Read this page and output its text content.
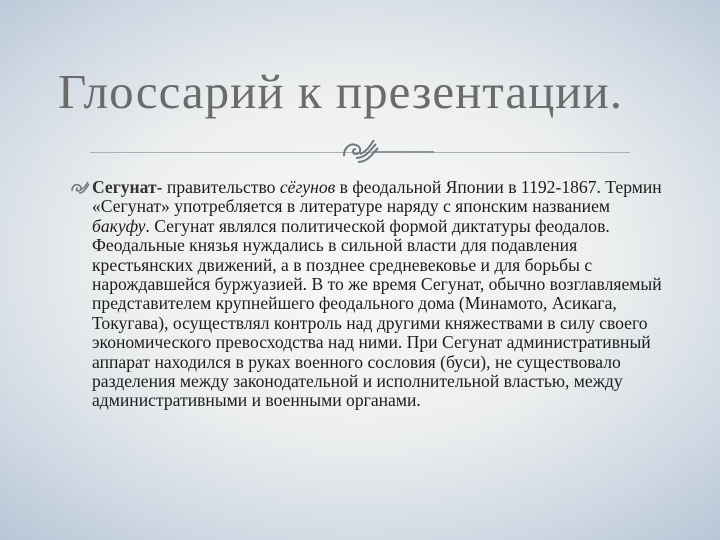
Глоссарий к презентации.

Сегунат- правительство сёгунов в феодальной Японии в 1192-1867. Термин «Сегунат» употребляется в литературе наряду с японским названием бакуфу. Сегунат являлся политической формой диктатуры феодалов. Феодальные князья нуждались в сильной власти для подавления крестьянских движений, а в позднее средневековье и для борьбы с нарождавшейся буржуазией. В то же время Сегунат, обычно возглавляемый представителем крупнейшего феодального дома (Минамото, Асикага, Токугава), осуществлял контроль над другими княжествами в силу своего экономического превосходства над ними. При Сегунат административный аппарат находился в руках военного сословия (буси), не существовало разделения между законодательной и исполнительной властью, между административными и военными органами.
